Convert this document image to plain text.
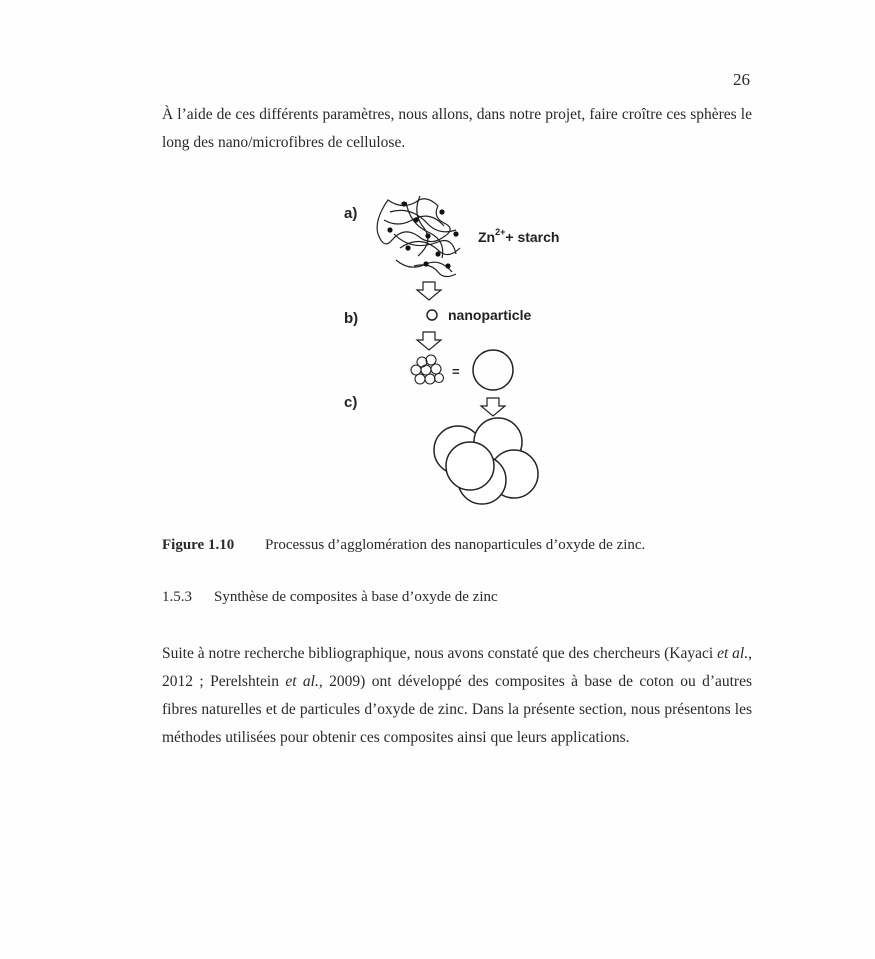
26

À l’aide de ces différents paramètres, nous allons, dans notre projet, faire croître ces sphères le long des nano/microfibres de cellulose.

a)
b)
c)
$Zn^{2+}+$ starch
nanoparticle
=
Figure 1.10 Processus d’agglomération des nanoparticules d’oxyde de zinc.
1.5.3 Synthèse de composites à base d’oxyde de zinc

Suite à notre recherche bibliographique, nous avons constaté que des chercheurs (Kayaci et al., 2012 ; Perelshtein et al., 2009) ont développé des composites à base de coton ou d’autres fibres naturelles et de particules d’oxyde de zinc. Dans la présente section, nous présentons les méthodes utilisées pour obtenir ces composites ainsi que leurs applications.
